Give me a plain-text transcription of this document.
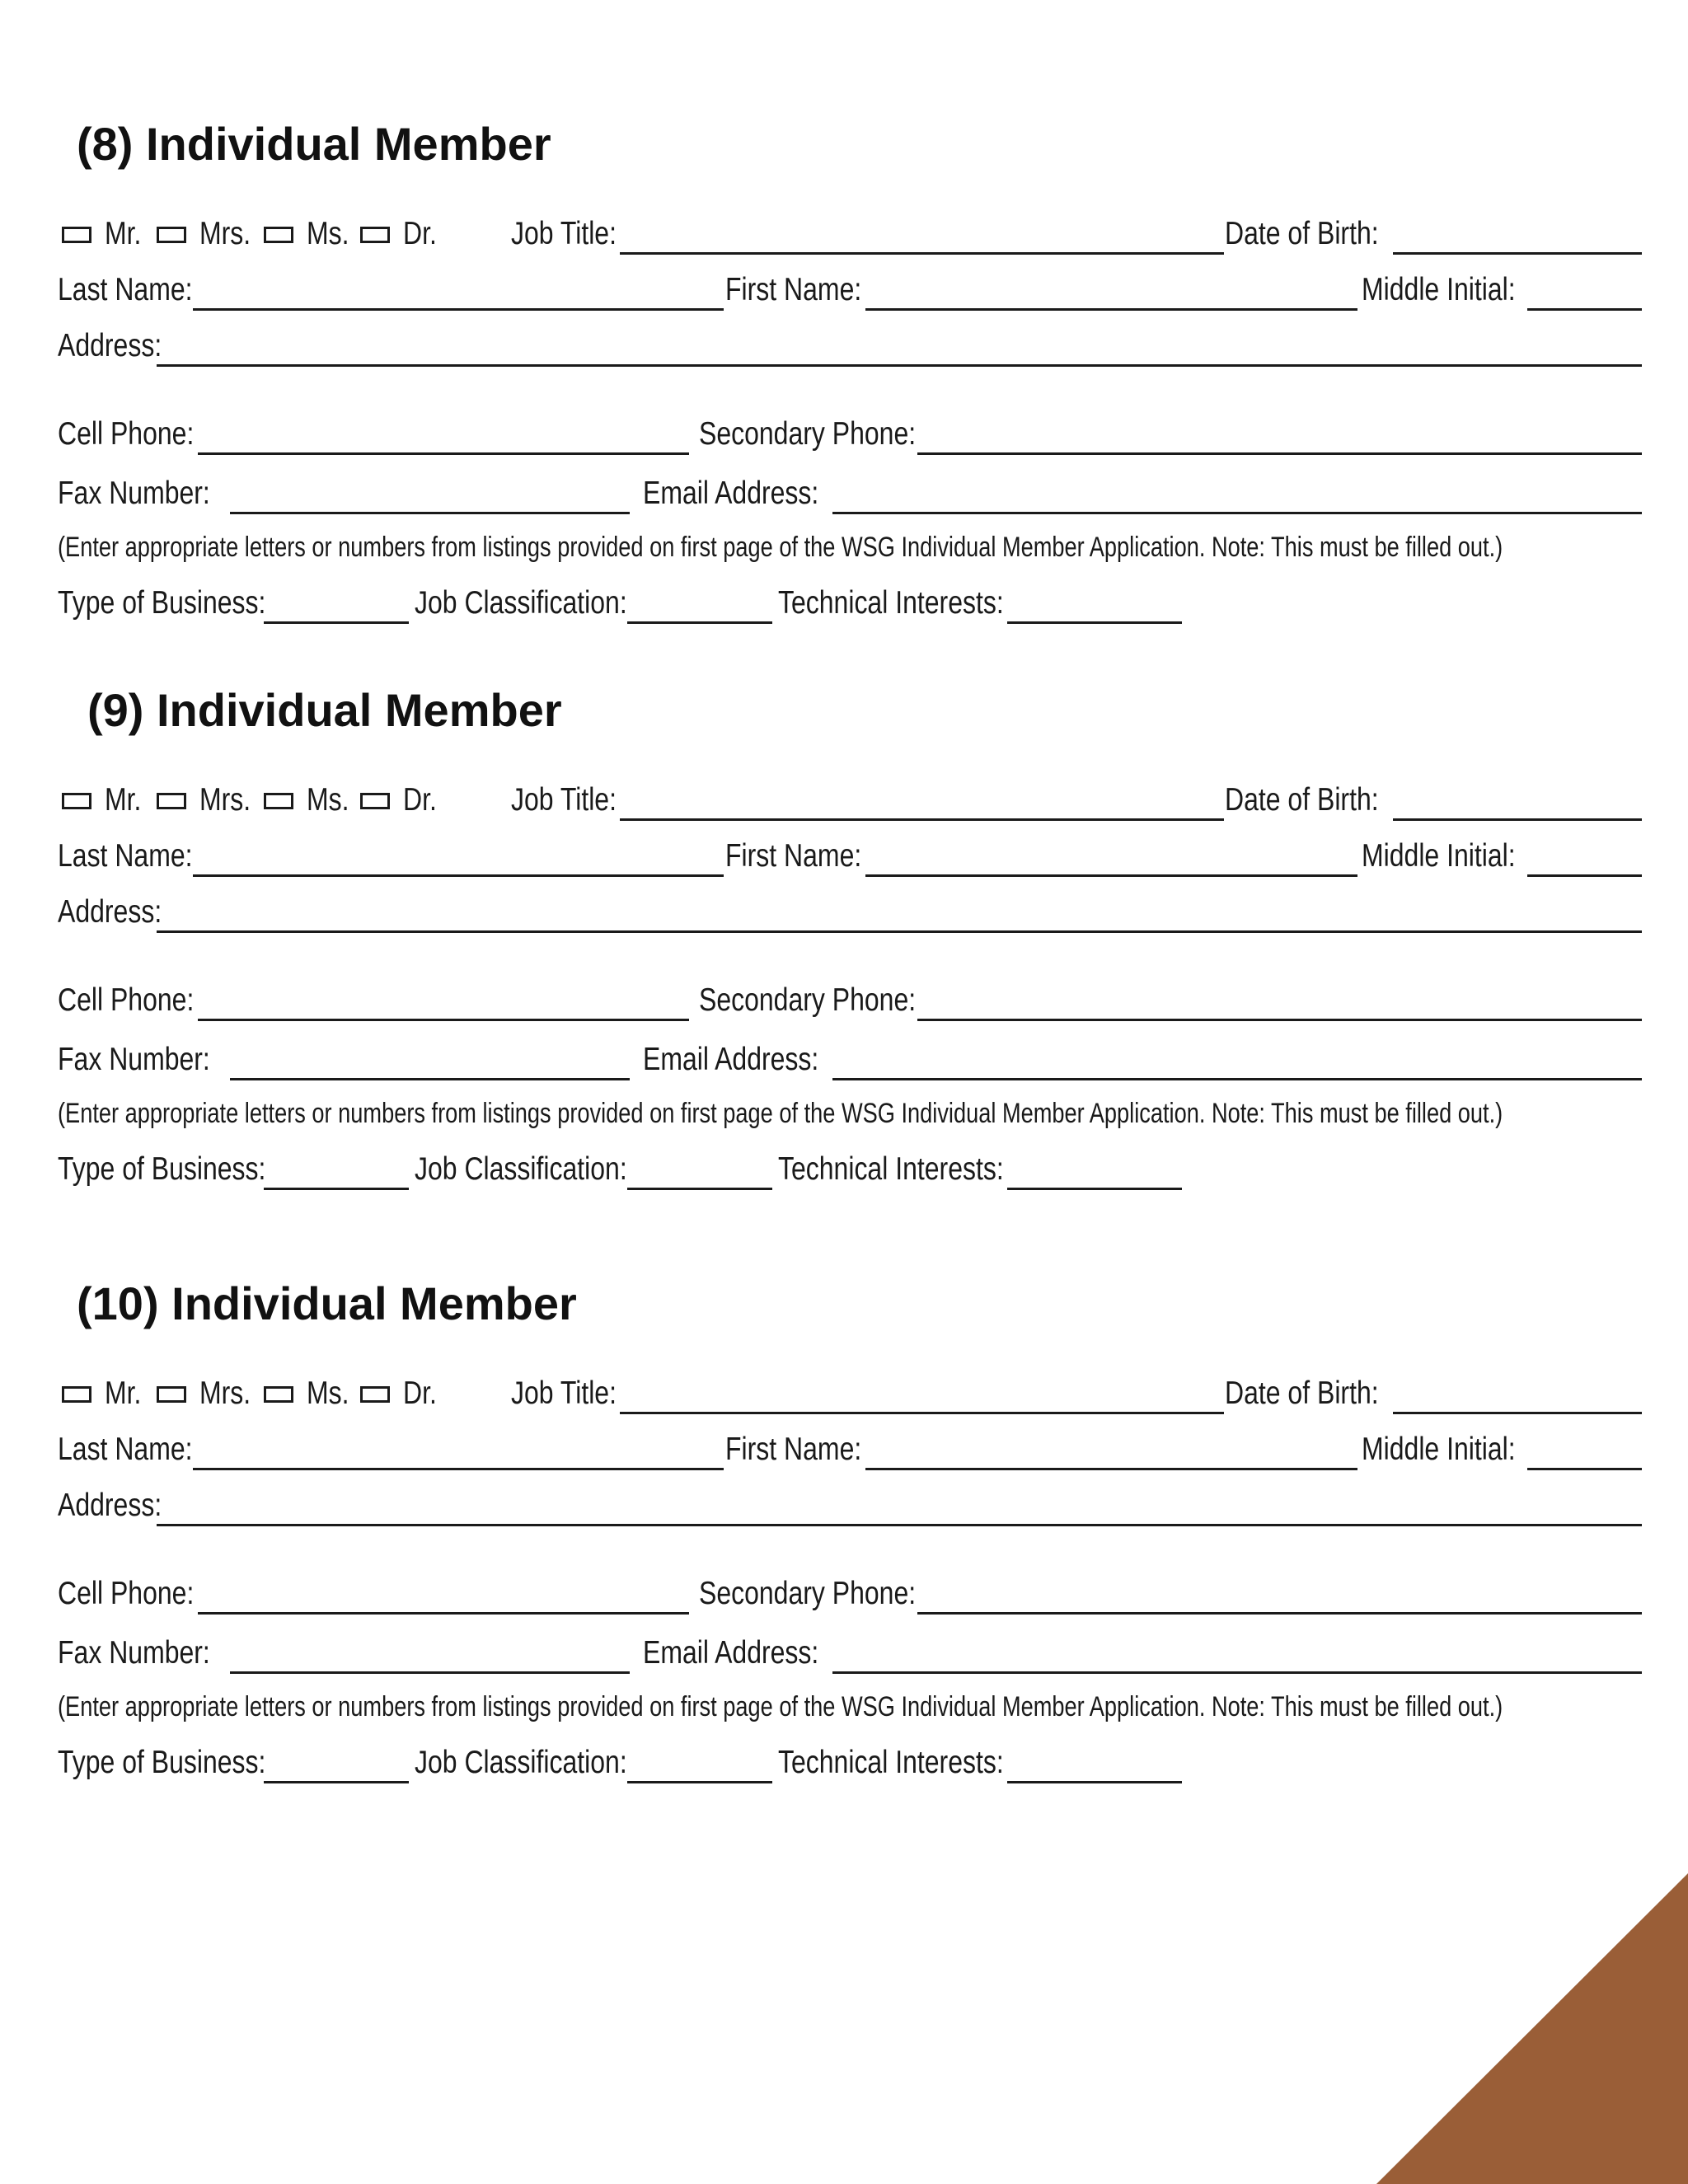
(8) Individual Member
Mr. Mrs. Ms. Dr. Job Title:	Date of Birth:
Last Name:	First Name:	Middle Initial:
Address:
Cell Phone:	Secondary Phone:
Fax Number:	Email Address:
(Enter appropriate letters or numbers from listings provided on first page of the WSG Individual Member Application. Note: This must be filled out.)
Type of Business:	Job Classification:	Technical Interests:
(9) Individual Member
Mr. Mrs. Ms. Dr. Job Title:	Date of Birth:
Last Name:	First Name:	Middle Initial:
Address:
Cell Phone:	Secondary Phone:
Fax Number:	Email Address:
(Enter appropriate letters or numbers from listings provided on first page of the WSG Individual Member Application. Note: This must be filled out.)
Type of Business:	Job Classification:	Technical Interests:
(10) Individual Member
Mr. Mrs. Ms. Dr. Job Title:	Date of Birth:
Last Name:	First Name:	Middle Initial:
Address:
Cell Phone:	Secondary Phone:
Fax Number:	Email Address:
(Enter appropriate letters or numbers from listings provided on first page of the WSG Individual Member Application. Note: This must be filled out.)
Type of Business:	Job Classification:	Technical Interests:
